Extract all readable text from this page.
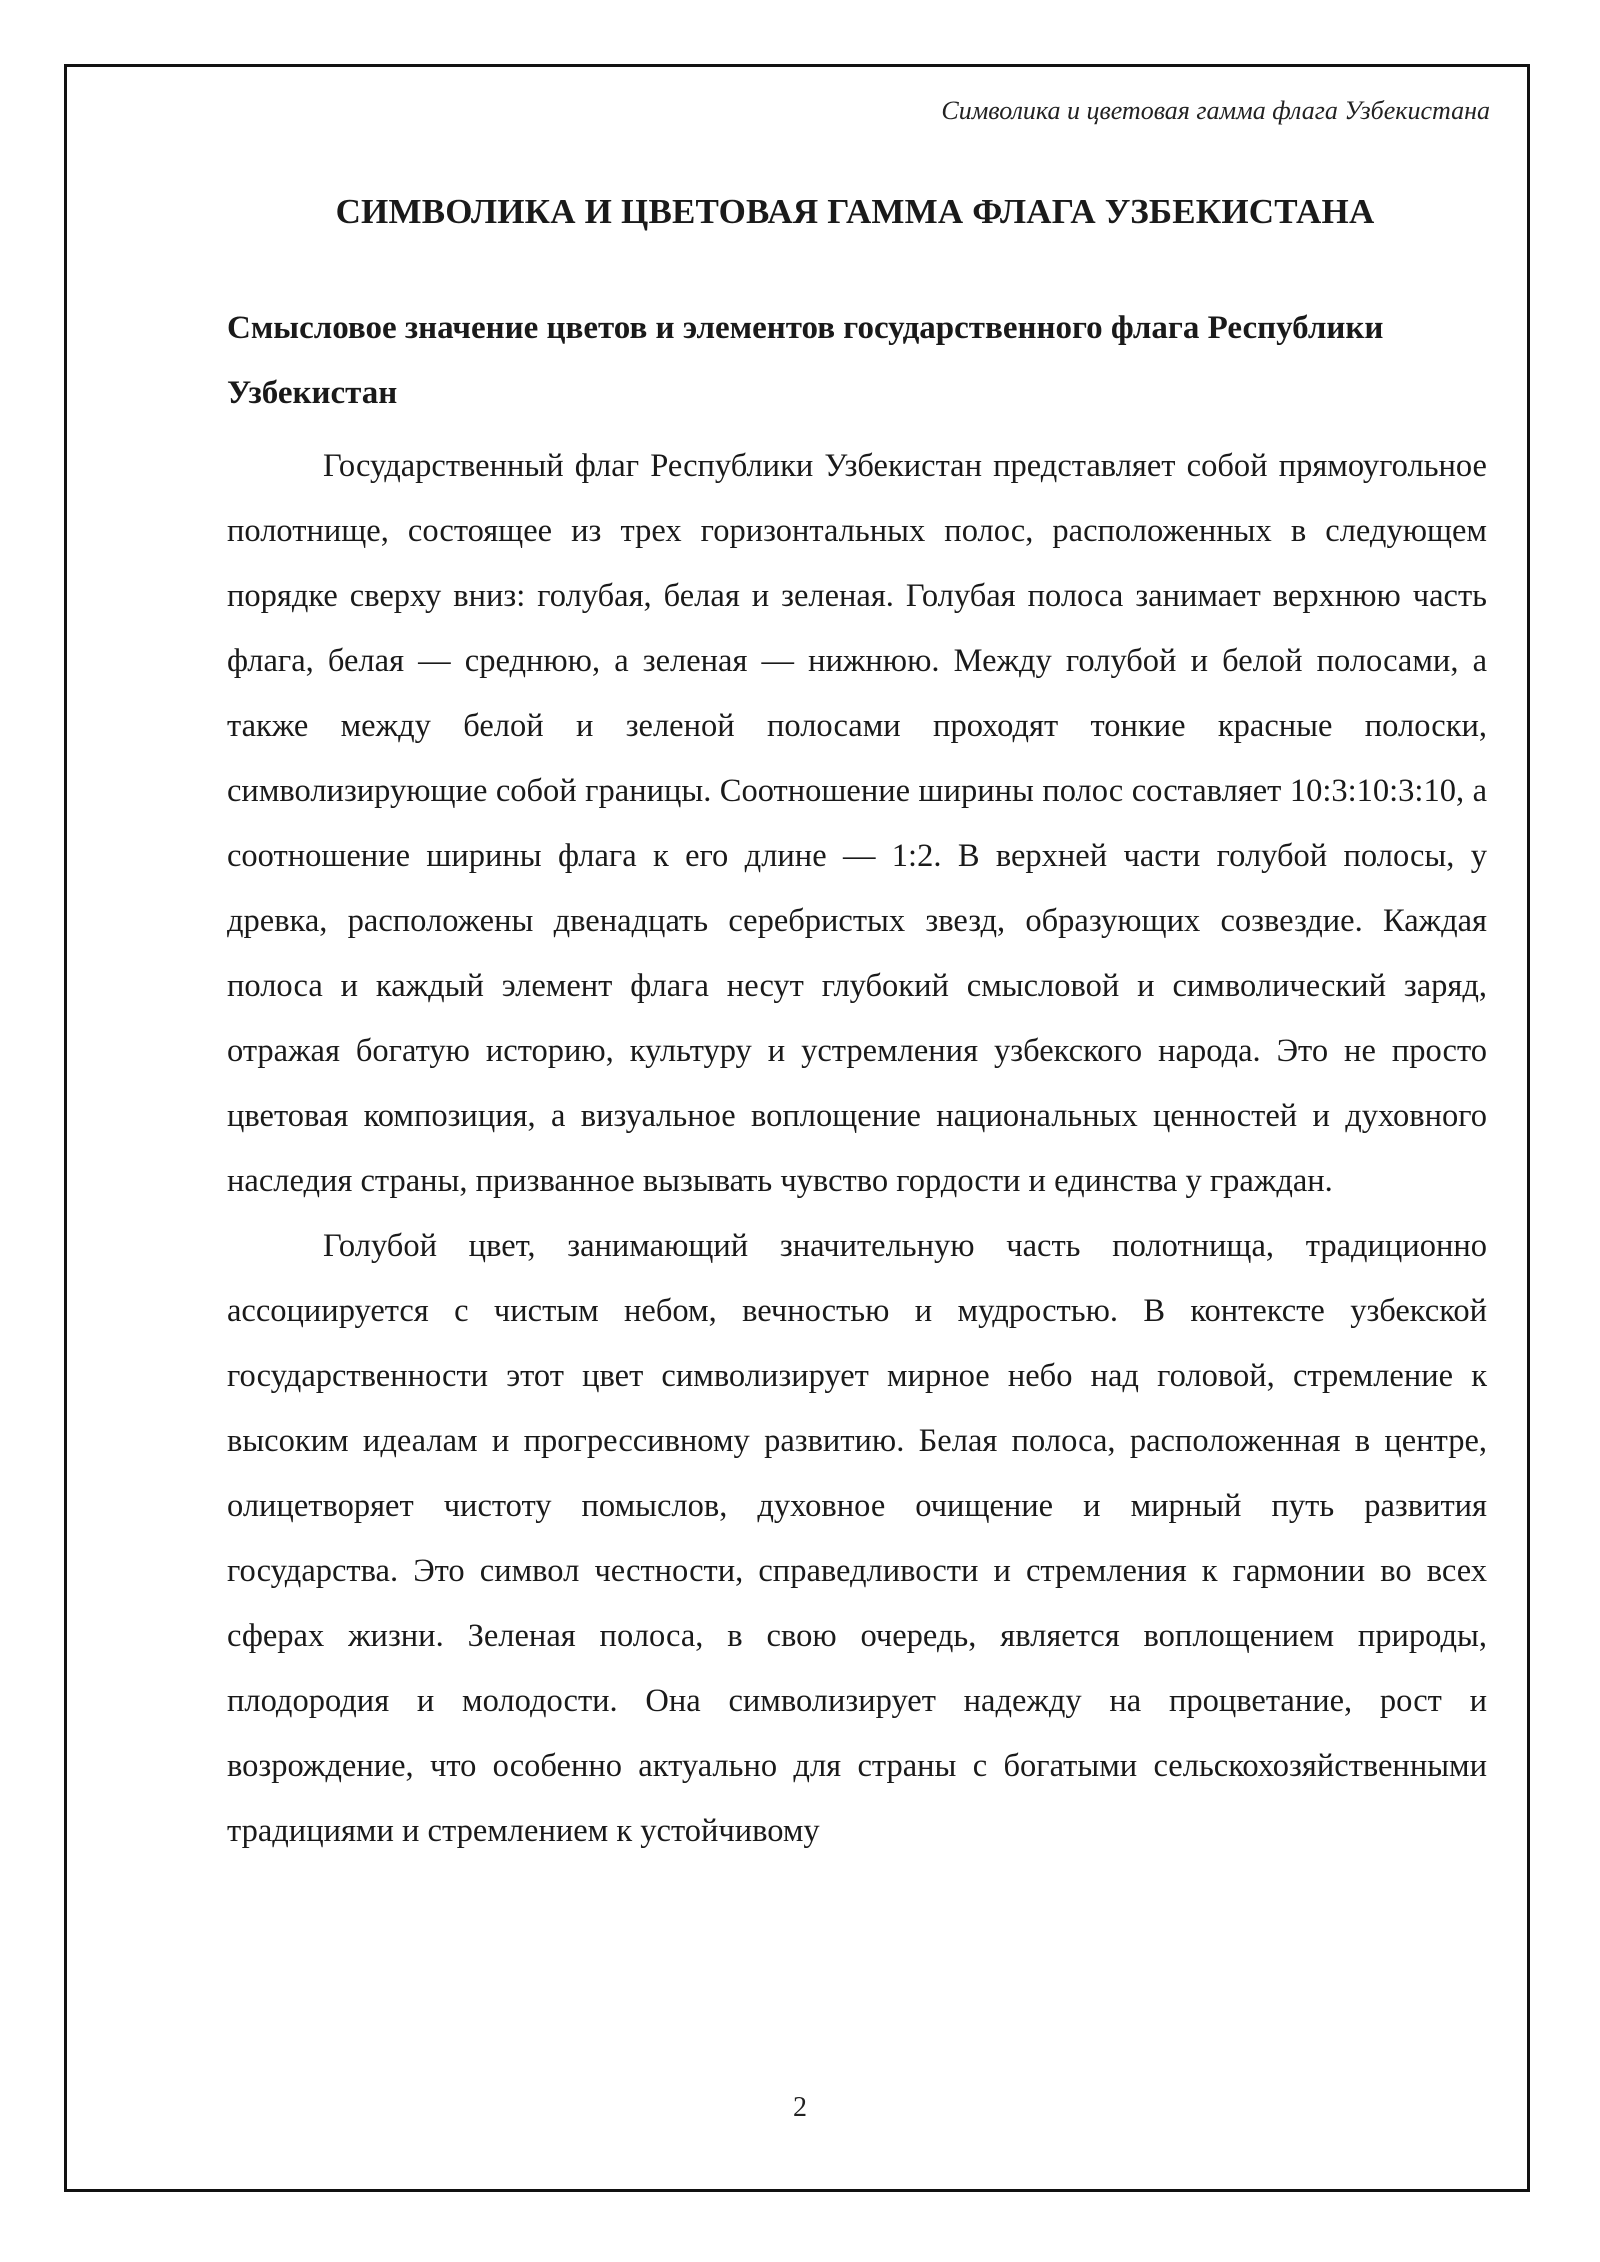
Символика и цветовая гамма флага Узбекистана
СИМВОЛИКА И ЦВЕТОВАЯ ГАММА ФЛАГА УЗБЕКИСТАНА
Смысловое значение цветов и элементов государственного флага Республики Узбекистан

Государственный флаг Республики Узбекистан представляет собой прямоугольное полотнище, состоящее из трех горизонтальных полос, расположенных в следующем порядке сверху вниз: голубая, белая и зеленая. Голубая полоса занимает верхнюю часть флага, белая — среднюю, а зеленая — нижнюю. Между голубой и белой полосами, а также между белой и зеленой полосами проходят тонкие красные полоски, символизирующие собой границы. Соотношение ширины полос составляет 10:3:10:3:10, а соотношение ширины флага к его длине — 1:2. В верхней части голубой полосы, у древка, расположены двенадцать серебристых звезд, образующих созвездие. Каждая полоса и каждый элемент флага несут глубокий смысловой и символический заряд, отражая богатую историю, культуру и устремления узбекского народа. Это не просто цветовая композиция, а визуальное воплощение национальных ценностей и духовного наследия страны, призванное вызывать чувство гордости и единства у граждан.

Голубой цвет, занимающий значительную часть полотнища, традиционно ассоциируется с чистым небом, вечностью и мудростью. В контексте узбекской государственности этот цвет символизирует мирное небо над головой, стремление к высоким идеалам и прогрессивному развитию. Белая полоса, расположенная в центре, олицетворяет чистоту помыслов, духовное очищение и мирный путь развития государства. Это символ честности, справедливости и стремления к гармонии во всех сферах жизни. Зеленая полоса, в свою очередь, является воплощением природы, плодородия и молодости. Она символизирует надежду на процветание, рост и возрождение, что особенно актуально для страны с богатыми сельскохозяйственными традициями и стремлением к устойчивому

2
